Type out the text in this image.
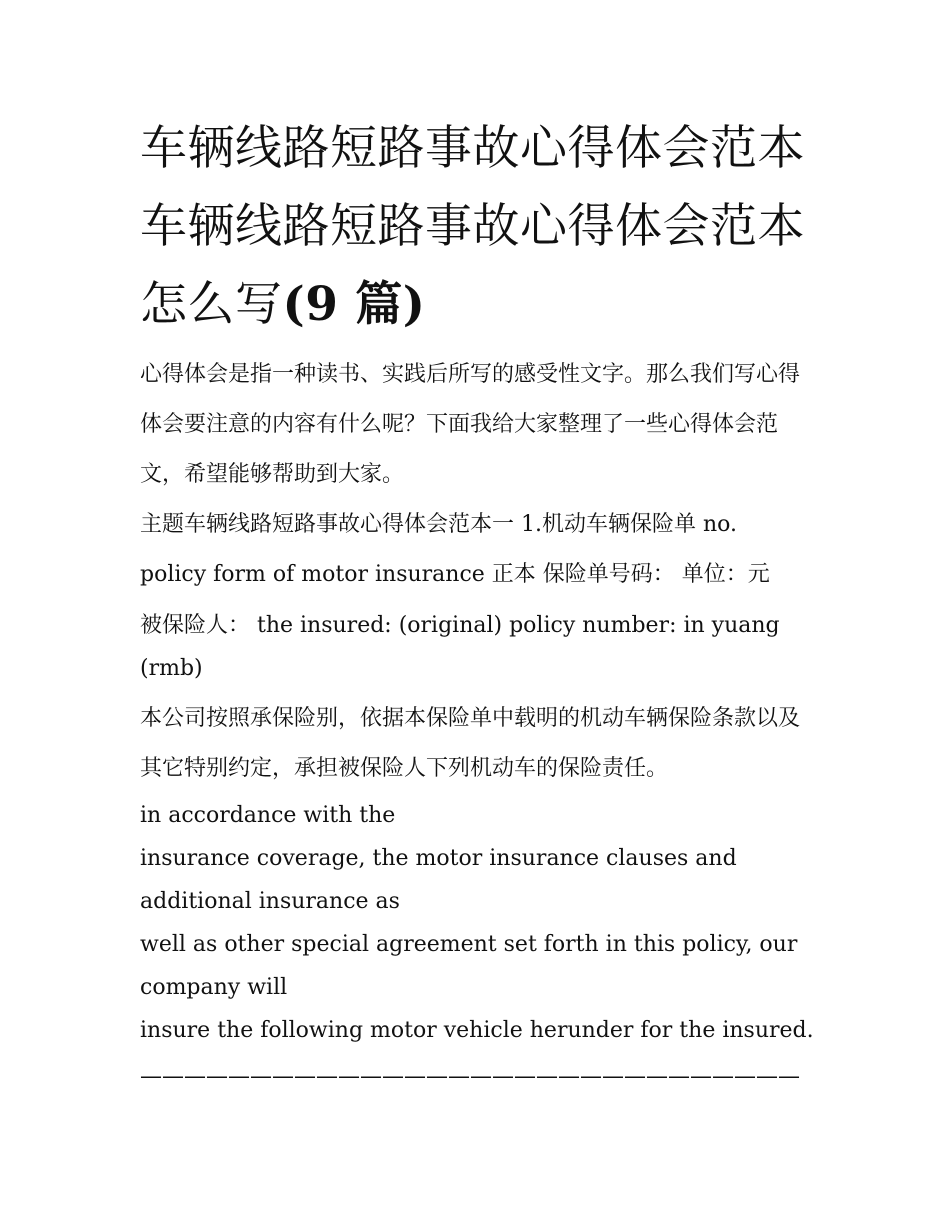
车辆线路短路事故心得体会范本 车辆线路短路事故心得体会范本怎么写(9 篇)

心得体会是指一种读书、实践后所写的感受性文字。那么我们写心得体会要注意的内容有什么呢？下面我给大家整理了一些心得体会范文，希望能够帮助到大家。

主题车辆线路短路事故心得体会范本一 1.机动车辆保险单 no.

policy form of motor insurance 正本 保险单号码： 单位：元

被保险人： the insured: (original) policy number: in yuang (rmb)

本公司按照承保险别，依据本保险单中载明的机动车辆保险条款以及其它特别约定，承担被保险人下列机动车的保险责任。

in accordance with the

insurance coverage, the motor insurance clauses and additional insurance as

well as other special agreement set forth in this policy, our company will

insure the following motor vehicle herunder for the insured.

——————————————————————————————
